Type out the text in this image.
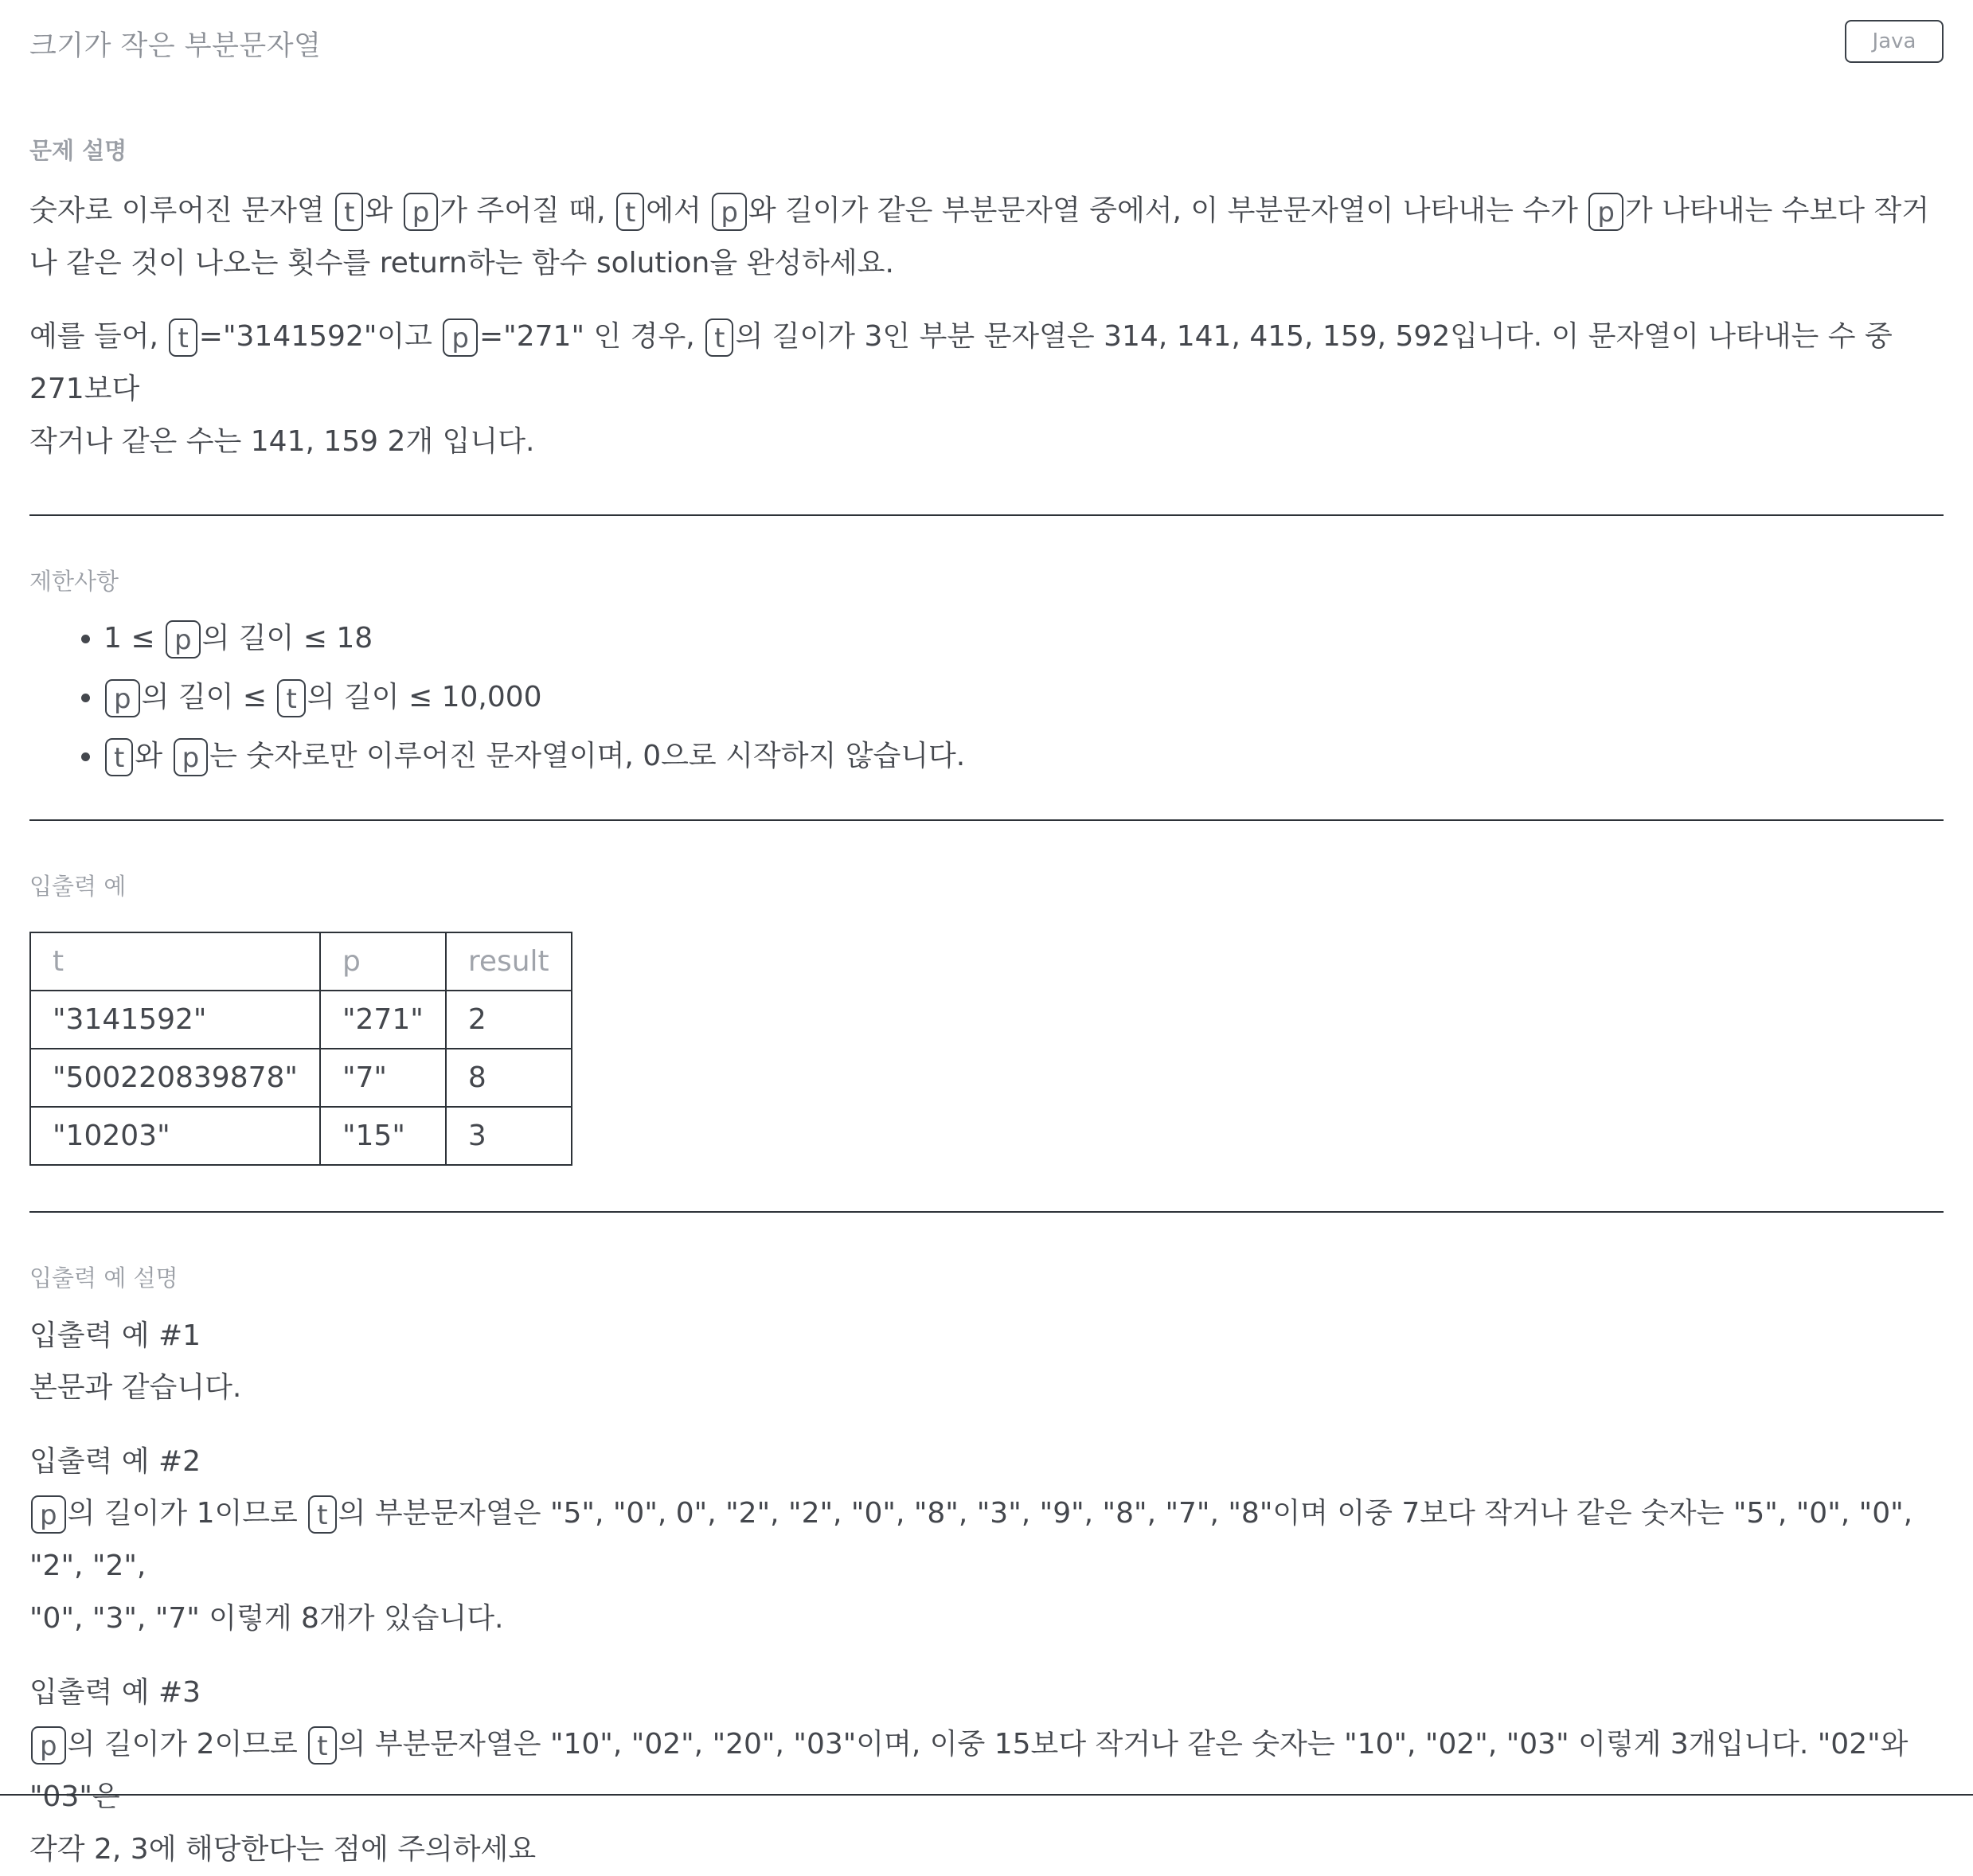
크기가 작은 부분문자열	Java

문제 설명

숫자로 이루어진 문자열 t 와 p 가 주어질 때, t 에서 p 와 길이가 같은 부분문자열 중에서, 이 부분문자열이 나타내는 수가 p 가 나타내는 수보다 작거
나 같은 것이 나오는 횟수를 return하는 함수 solution을 완성하세요.

예를 들어, t ="3141592"이고 p ="271" 인 경우, t 의 길이가 3인 부분 문자열은 314, 141, 415, 159, 592입니다. 이 문자열이 나타내는 수 중 271보다
작거나 같은 수는 141, 159 2개 입니다.

제한사항

• 1 ≤ p 의 길이 ≤ 18
• p 의 길이 ≤ t 의 길이 ≤ 10,000
• t 와 p 는 숫자로만 이루어진 문자열이며, 0으로 시작하지 않습니다.

입출력 예

t	p	result
"3141592"	"271"	2
"500220839878"	"7"	8
"10203"	"15"	3

입출력 예 설명

입출력 예 #1

본문과 같습니다.

입출력 예 #2

p 의 길이가 1이므로 t 의 부분문자열은 "5", "0", 0", "2", "2", "0", "8", "3", "9", "8", "7", "8"이며 이중 7보다 작거나 같은 숫자는 "5", "0", "0", "2", "2",
"0", "3", "7" 이렇게 8개가 있습니다.

입출력 예 #3

p 의 길이가 2이므로 t 의 부분문자열은 "10", "02", "20", "03"이며, 이중 15보다 작거나 같은 숫자는 "10", "02", "03" 이렇게 3개입니다. "02"와 "03"은
각각 2, 3에 해당한다는 점에 주의하세요
